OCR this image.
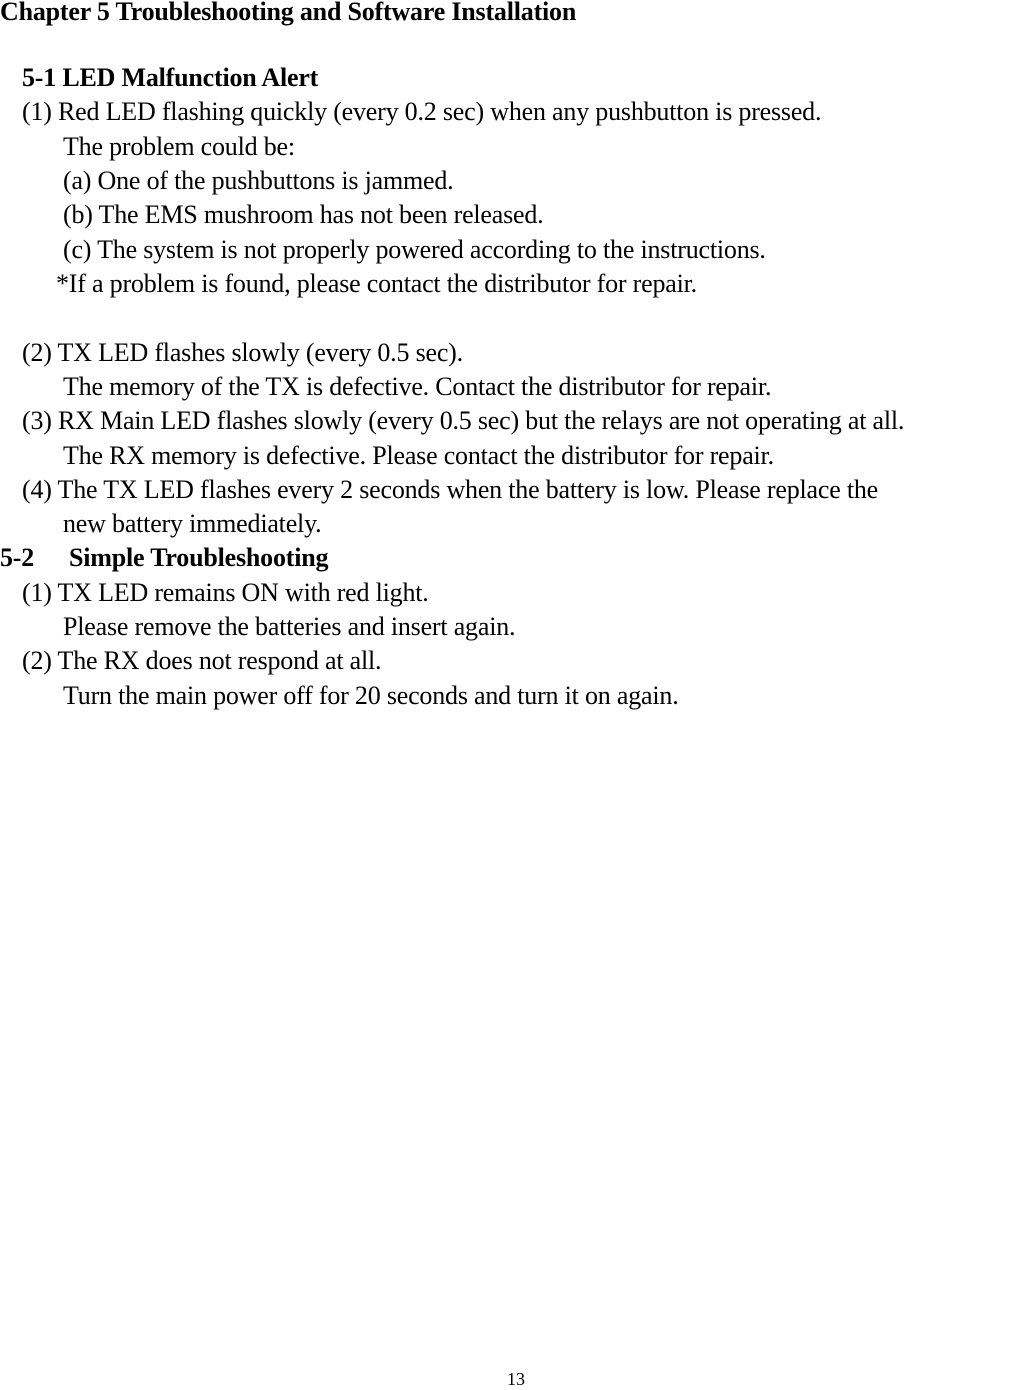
Chapter 5 Troubleshooting and Software Installation
5-1 LED Malfunction Alert
(1) Red LED flashing quickly (every 0.2 sec) when any pushbutton is pressed.
The problem could be:
(a) One of the pushbuttons is jammed.
(b) The EMS mushroom has not been released.
(c) The system is not properly powered according to the instructions.
*If a problem is found, please contact the distributor for repair.
(2) TX LED flashes slowly (every 0.5 sec).
The memory of the TX is defective. Contact the distributor for repair.
(3) RX Main LED flashes slowly (every 0.5 sec) but the relays are not operating at all.
The RX memory is defective. Please contact the distributor for repair.
(4) The TX LED flashes every 2 seconds when the battery is low. Please replace the
new battery immediately.
5-2 Simple Troubleshooting
(1) TX LED remains ON with red light.
Please remove the batteries and insert again.
(2) The RX does not respond at all.
Turn the main power off for 20 seconds and turn it on again.
13
